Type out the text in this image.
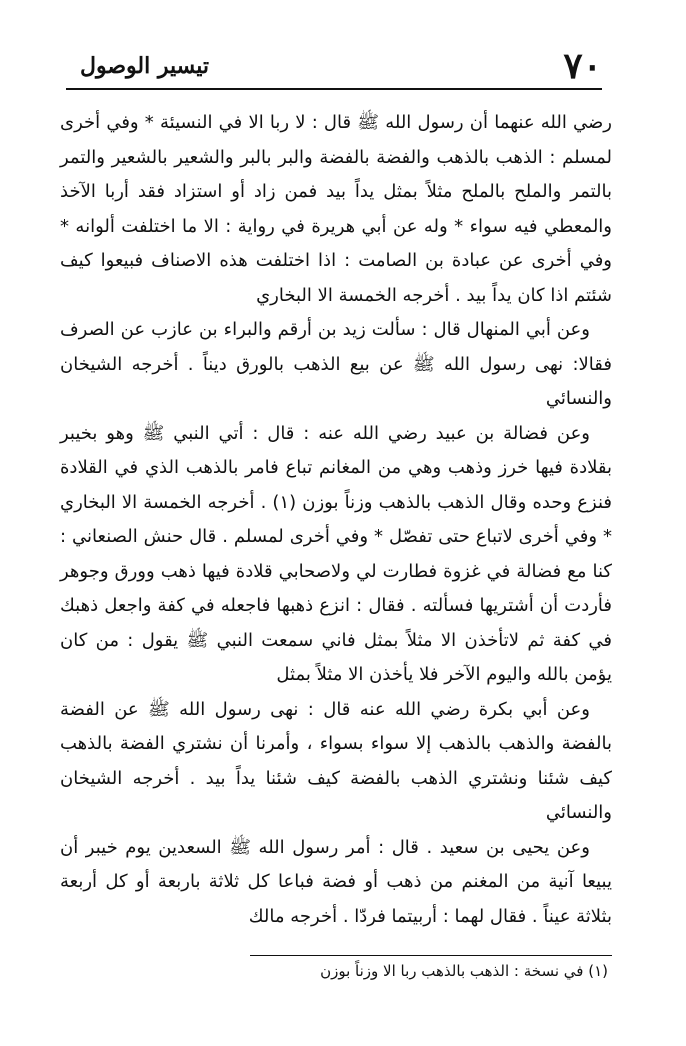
٧٠
تيسير الوصول

رضي الله عنهما أن رسول الله ﷺ قال : لا ربا الا في النسيئة * وفي أخرى لمسلم : الذهب بالذهب والفضة بالفضة والبر بالبر والشعير بالشعير والتمر بالتمر والملح بالملح مثلاً بمثل يداً بيد فمن زاد أو استزاد فقد أربا الآخذ والمعطي فيه سواء * وله عن أبي هريرة في رواية : الا ما اختلفت ألوانه * وفي أخرى عن عبادة بن الصامت : اذا اختلفت هذه الاصناف فبيعوا كيف شئتم اذا كان يداً بيد . أخرجه الخمسة الا البخاري

وعن أبي المنهال قال : سألت زيد بن أرقم والبراء بن عازب عن الصرف فقالا: نهى رسول الله ﷺ عن بيع الذهب بالورق ديناً . أخرجه الشيخان والنسائي

وعن فضالة بن عبيد رضي الله عنه : قال : أتي النبي ﷺ وهو بخيبر بقلادة فيها خرز وذهب وهي من المغانم تباع فامر بالذهب الذي في القلادة فنزع وحده وقال الذهب بالذهب وزناً بوزن (١) . أخرجه الخمسة الا البخاري * وفي أخرى لاتباع حتى تفصّل * وفي أخرى لمسلم . قال حنش الصنعاني : كنا مع فضالة في غزوة فطارت لي ولاصحابي قلادة فيها ذهب وورق وجوهر فأردت أن أشتريها فسألته . فقال : انزع ذهبها فاجعله في كفة واجعل ذهبك في كفة ثم لاتأخذن الا مثلاً بمثل فاني سمعت النبي ﷺ يقول : من كان يؤمن بالله واليوم الآخر فلا يأخذن الا مثلاً بمثل

وعن أبي بكرة رضي الله عنه قال : نهى رسول الله ﷺ عن الفضة بالفضة والذهب بالذهب إلا سواء بسواء ، وأمرنا أن نشتري الفضة بالذهب كيف شئنا ونشتري الذهب بالفضة كيف شئنا يداً بيد . أخرجه الشيخان والنسائي

وعن يحيى بن سعيد . قال : أمر رسول الله ﷺ السعدين يوم خيبر أن يبيعا آنية من المغنم من ذهب أو فضة فباعا كل ثلاثة باربعة أو كل أربعة بثلاثة عيناً . فقال لهما : أربيتما فردّا . أخرجه مالك

(١) في نسخة : الذهب بالذهب ربا الا وزناً بوزن
